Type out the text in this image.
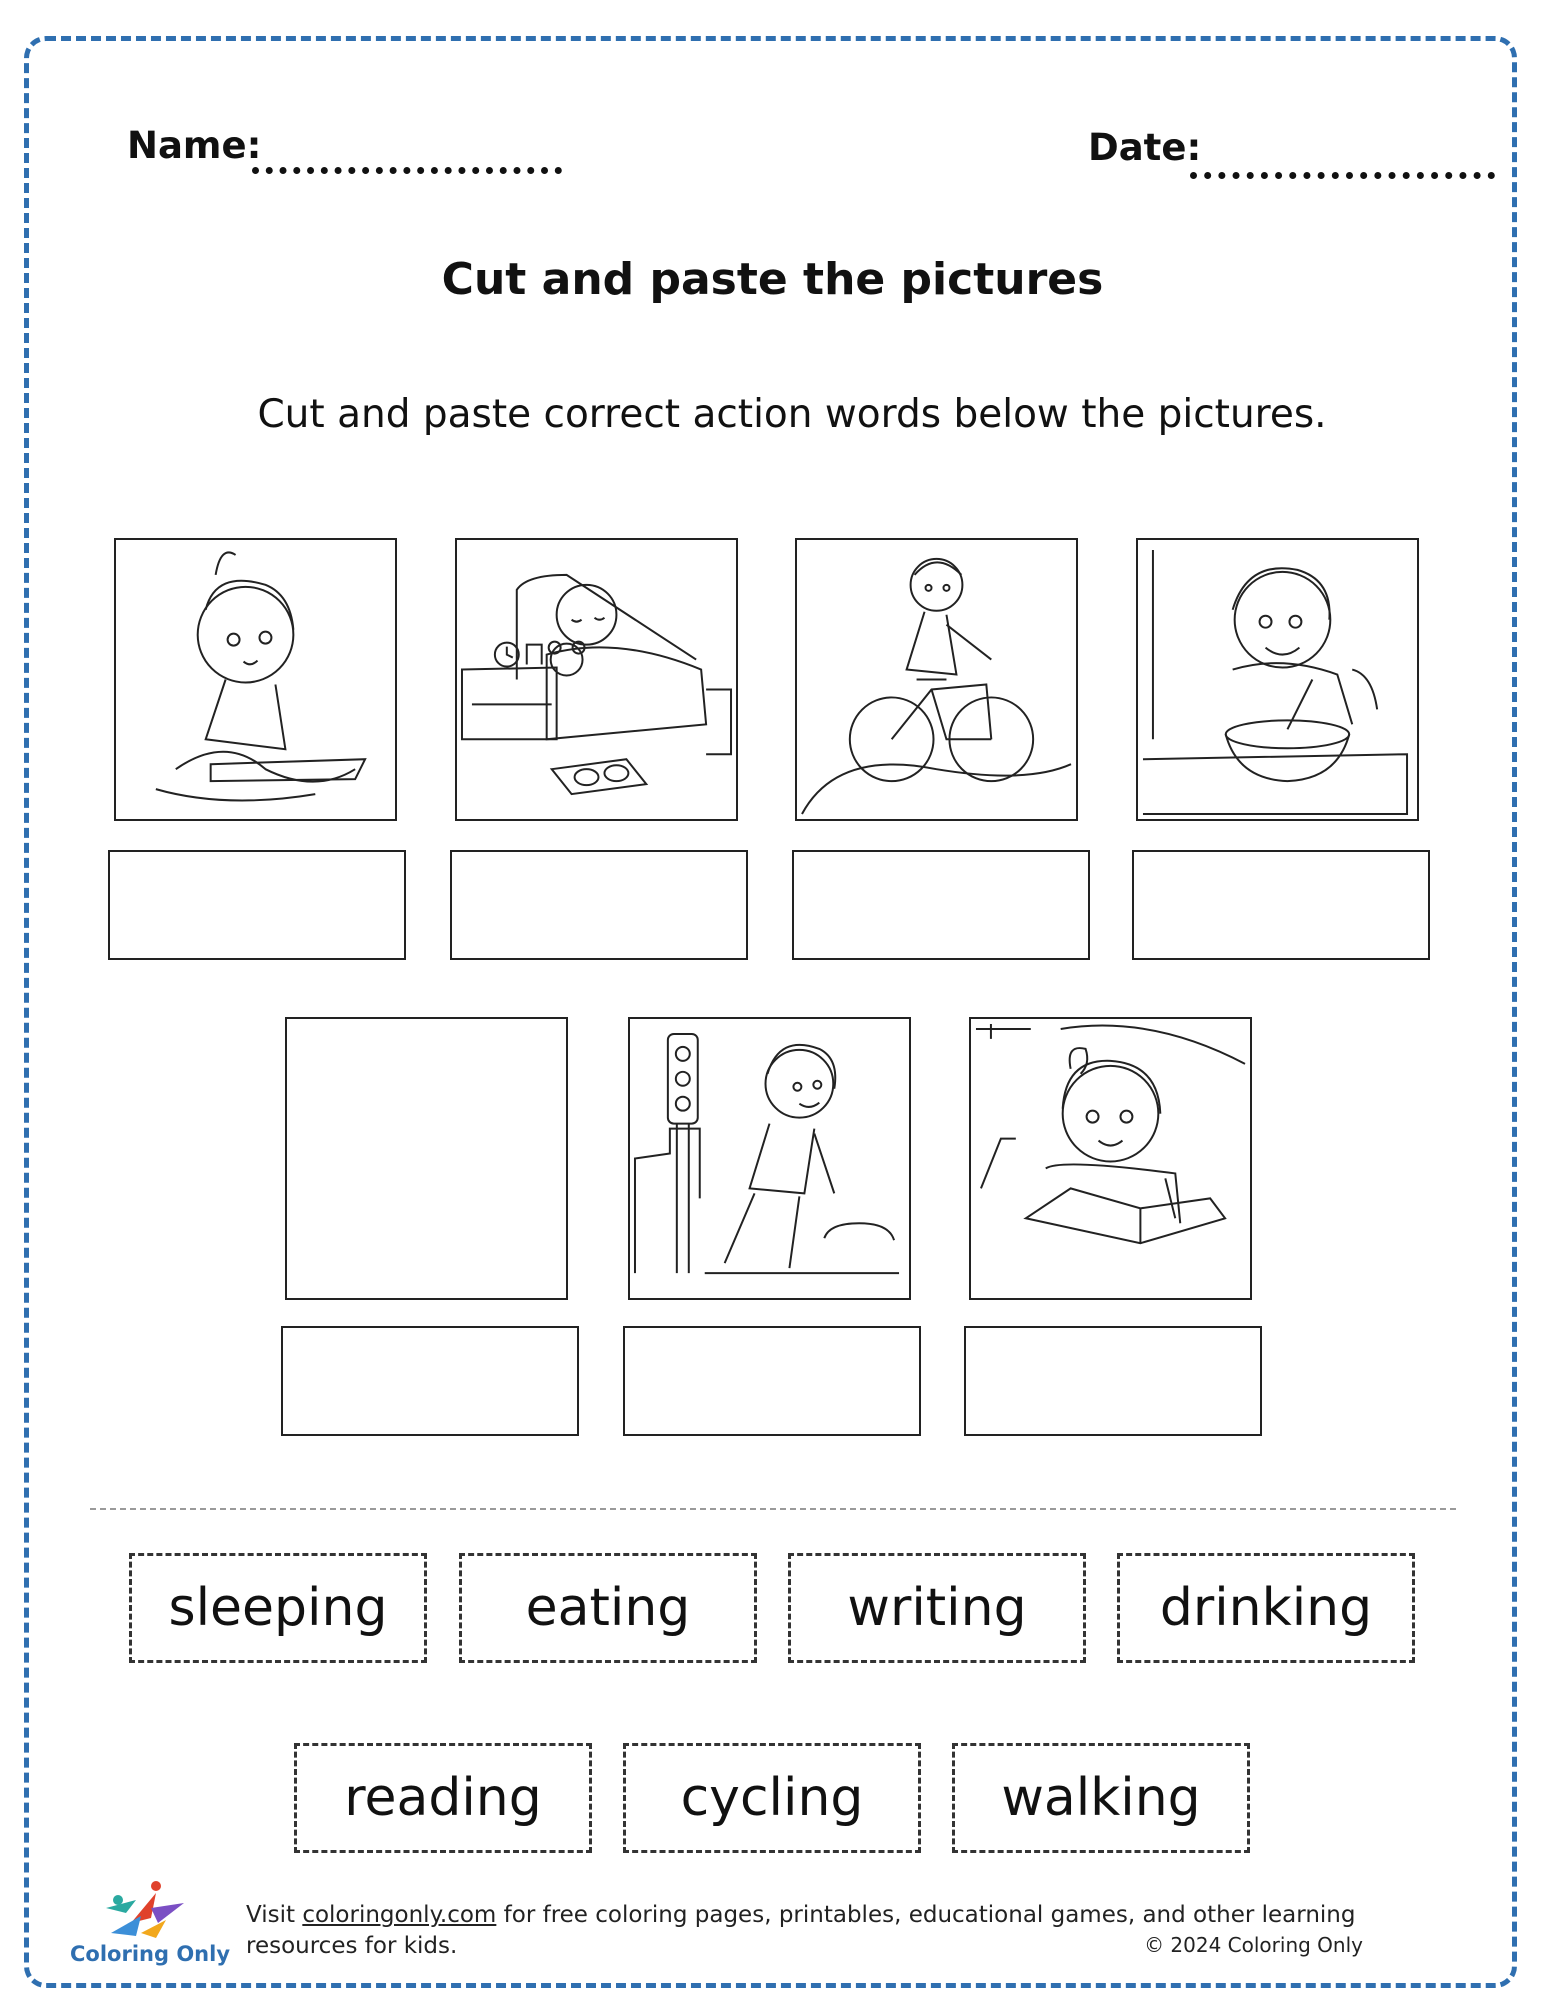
Name:	Date:
Cut and paste the pictures
Cut and paste correct action words below the pictures.
sleeping	eating	writing	drinking
reading	cycling	walking
Coloring Only
Visit coloringonly.com for free coloring pages, printables, educational games, and other learning resources for kids.	© 2024 Coloring Only
